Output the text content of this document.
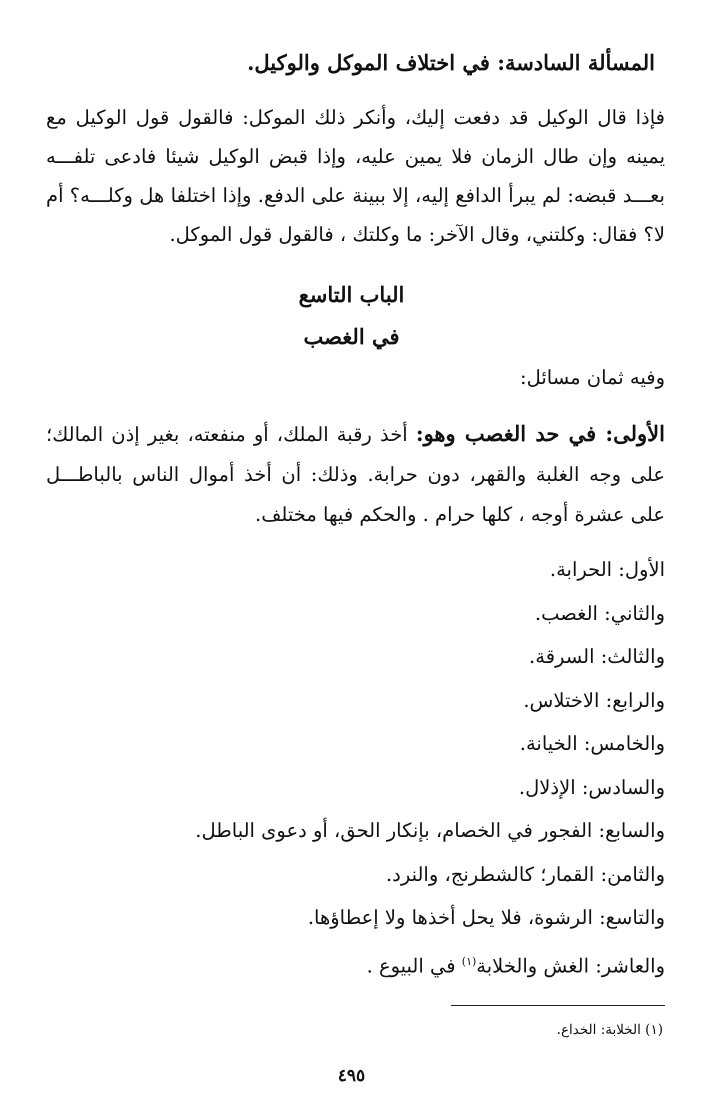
المسألة السادسة: في اختلاف الموكل والوكيل.
فإذا قال الوكيل قد دفعت إليك، وأنكر ذلك الموكل: فالقول قول الوكيل مع يمينه وإن طال الزمان فلا يمين عليه، وإذا قبض الوكيل شيئا فادعى تلفـــه بعـــد قبضه: لم يبرأ الدافع إليه، إلا ببينة على الدفع. وإذا اختلفا هل وكلـــه؟ أم لا؟ فقال: وكلتني، وقال الآخر: ما وكلتك ، فالقول قول الموكل.
الباب التاسع
في الغصب
وفيه ثمان مسائل:
الأولى: في حد الغصب وهو: أخذ رقبة الملك، أو منفعته، بغير إذن المالك؛ على وجه الغلبة والقهر، دون حرابة. وذلك: أن أخذ أموال الناس بالباطـــل على عشرة أوجه ، كلها حرام . والحكم فيها مختلف.
الأول: الحرابة.
والثاني: الغصب.
والثالث: السرقة.
والرابع: الاختلاس.
والخامس: الخيانة.
والسادس: الإذلال.
والسابع: الفجور في الخصام، بإنكار الحق، أو دعوى الباطل.
والثامن: القمار؛ كالشطرنج، والنرد.
والتاسع: الرشوة، فلا يحل أخذها ولا إعطاؤها.
والعاشر: الغش والخلابة$^{(١)}$ في البيوع .
(١) الخلابة: الخداع.
٤٩٥
